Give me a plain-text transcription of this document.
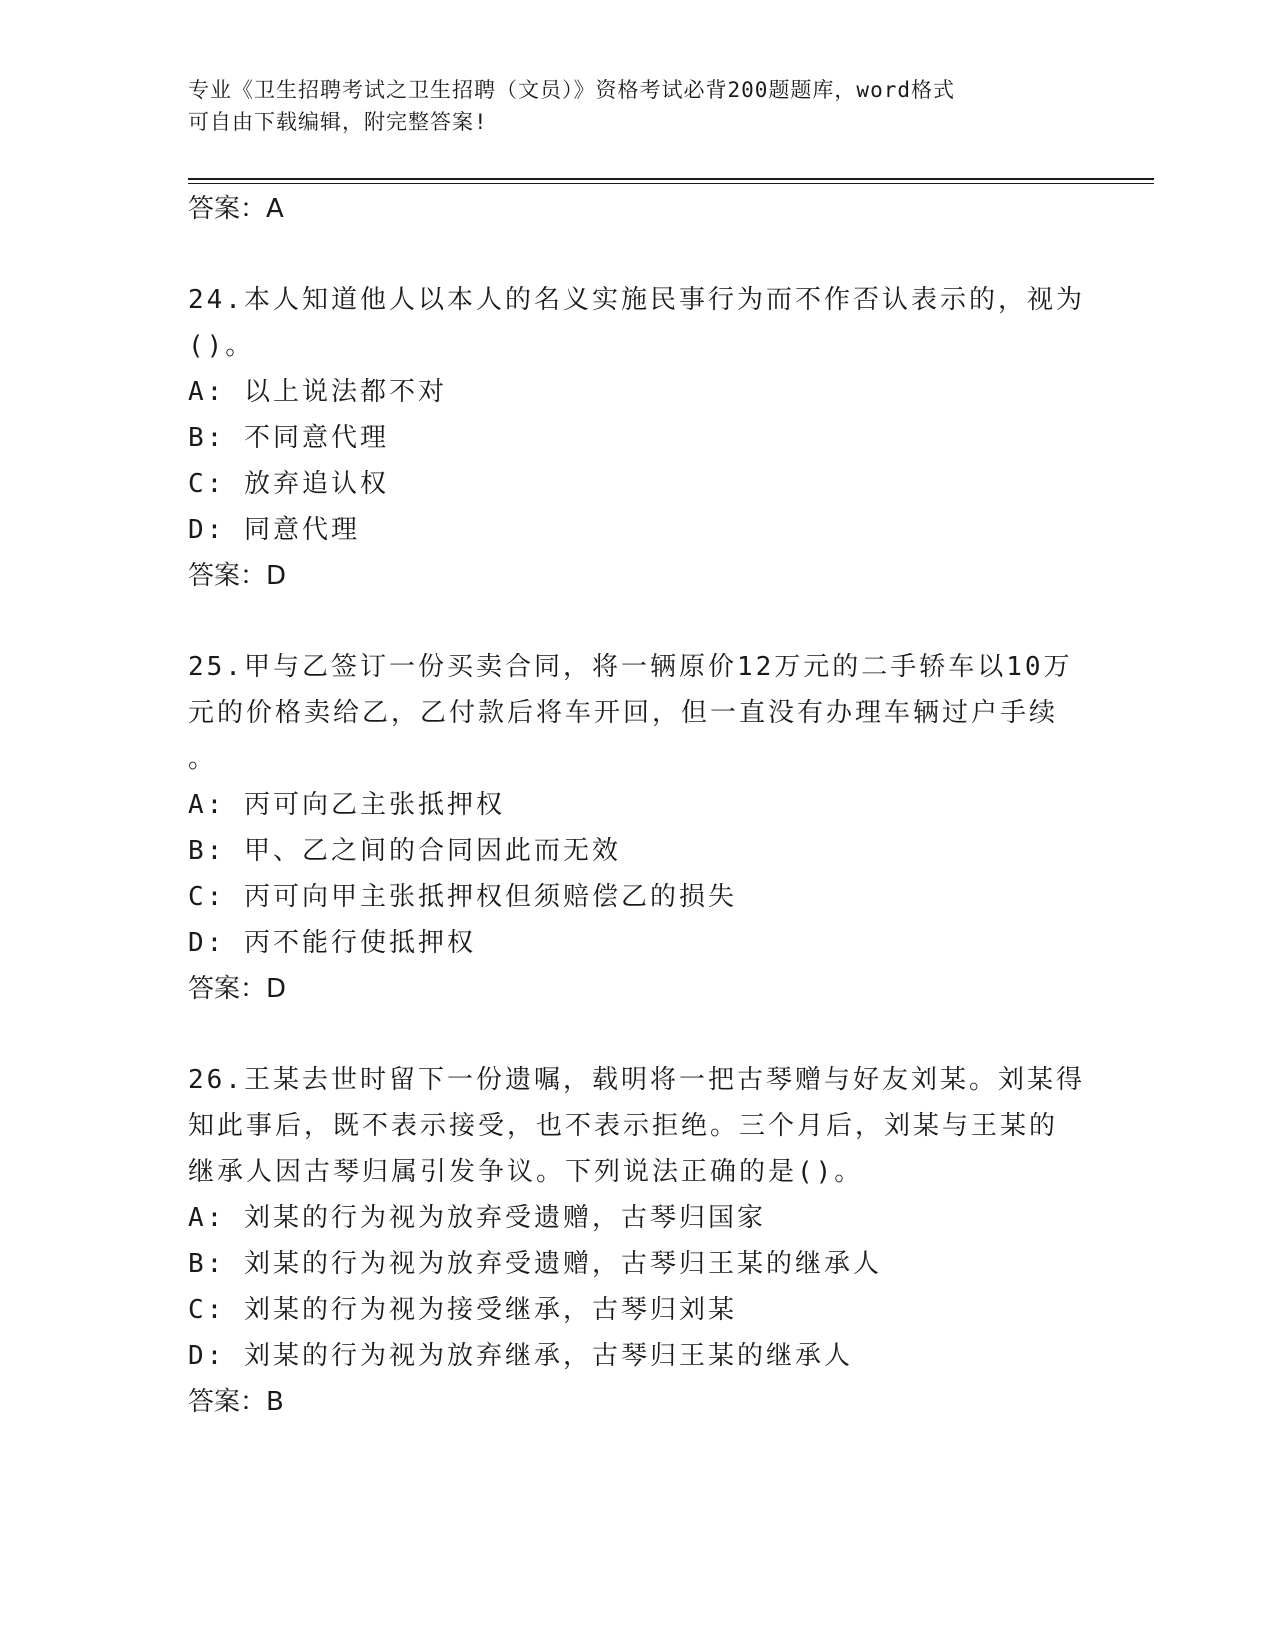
专业《卫生招聘考试之卫生招聘（文员）》资格考试必背200题题库，word格式
可自由下载编辑，附完整答案!

答案：A

24.本人知道他人以本人的名义实施民事行为而不作否认表示的，视为

()。

A: 以上说法都不对

B: 不同意代理

C: 放弃追认权

D: 同意代理

答案：D

25.甲与乙签订一份买卖合同，将一辆原价12万元的二手轿车以10万

元的价格卖给乙，乙付款后将车开回，但一直没有办理车辆过户手续

。

A: 丙可向乙主张抵押权

B: 甲、乙之间的合同因此而无效

C: 丙可向甲主张抵押权但须赔偿乙的损失

D: 丙不能行使抵押权

答案：D

26.王某去世时留下一份遗嘱，载明将一把古琴赠与好友刘某。刘某得

知此事后，既不表示接受，也不表示拒绝。三个月后，刘某与王某的

继承人因古琴归属引发争议。下列说法正确的是()。

A: 刘某的行为视为放弃受遗赠，古琴归国家

B: 刘某的行为视为放弃受遗赠，古琴归王某的继承人

C: 刘某的行为视为接受继承，古琴归刘某

D: 刘某的行为视为放弃继承，古琴归王某的继承人

答案：B
